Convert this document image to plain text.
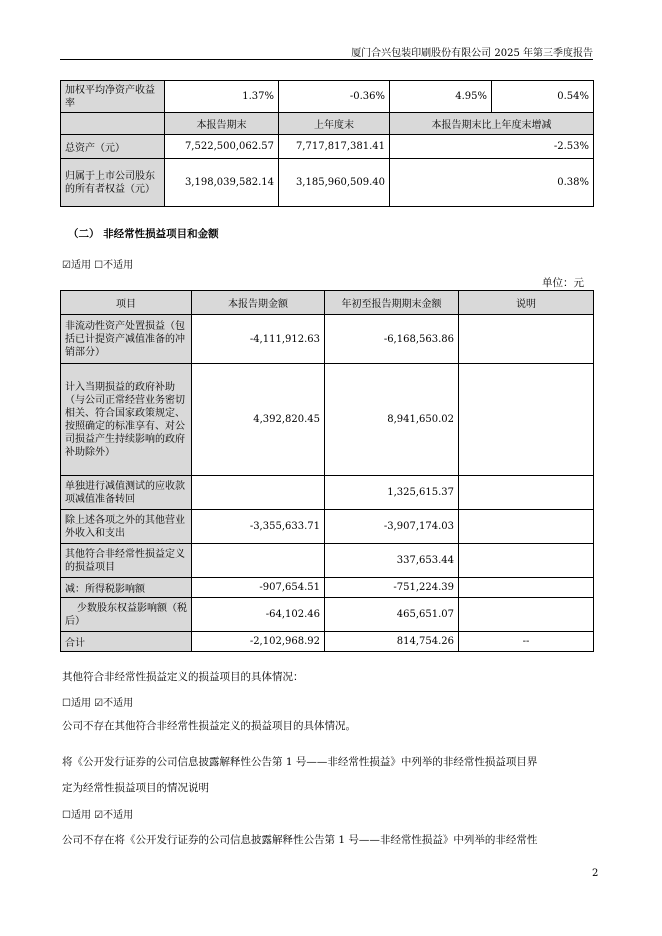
厦门合兴包装印刷股份有限公司 2025 年第三季度报告
加权平均净资产收益率	1.37%	-0.36%	4.95%	0.54%
	本报告期末	上年度末	本报告期末比上年度末增减	
总资产（元）	7,522,500,062.57	7,717,817,381.41	-2.53%	
归属于上市公司股东的所有者权益（元）	3,198,039,582.14	3,185,960,509.40	0.38%	
（二） 非经常性损益项目和金额
☑适用 ☐不适用
单位：元
项目	本报告期金额	年初至报告期期末金额	说明
非流动性资产处置损益（包括已计提资产减值准备的冲销部分）	-4,111,912.63	-6,168,563.86	
计入当期损益的政府补助（与公司正常经营业务密切相关、符合国家政策规定、按照确定的标准享有、对公司损益产生持续影响的政府补助除外）	4,392,820.45	8,941,650.02	
单独进行减值测试的应收款项减值准备转回		1,325,615.37	
除上述各项之外的其他营业外收入和支出	-3,355,633.71	-3,907,174.03	
其他符合非经常性损益定义的损益项目		337,653.44	
减：所得税影响额	-907,654.51	-751,224.39	
少数股东权益影响额（税后）	-64,102.46	465,651.07	
合计	-2,102,968.92	814,754.26	--
其他符合非经常性损益定义的损益项目的具体情况：
☐适用 ☑不适用
公司不存在其他符合非经常性损益定义的损益项目的具体情况。
将《公开发行证券的公司信息披露解释性公告第 1 号——非经常性损益》中列举的非经常性损益项目界
定为经常性损益项目的情况说明
☐适用 ☑不适用
公司不存在将《公开发行证券的公司信息披露解释性公告第 1 号——非经常性损益》中列举的非经常性
2
